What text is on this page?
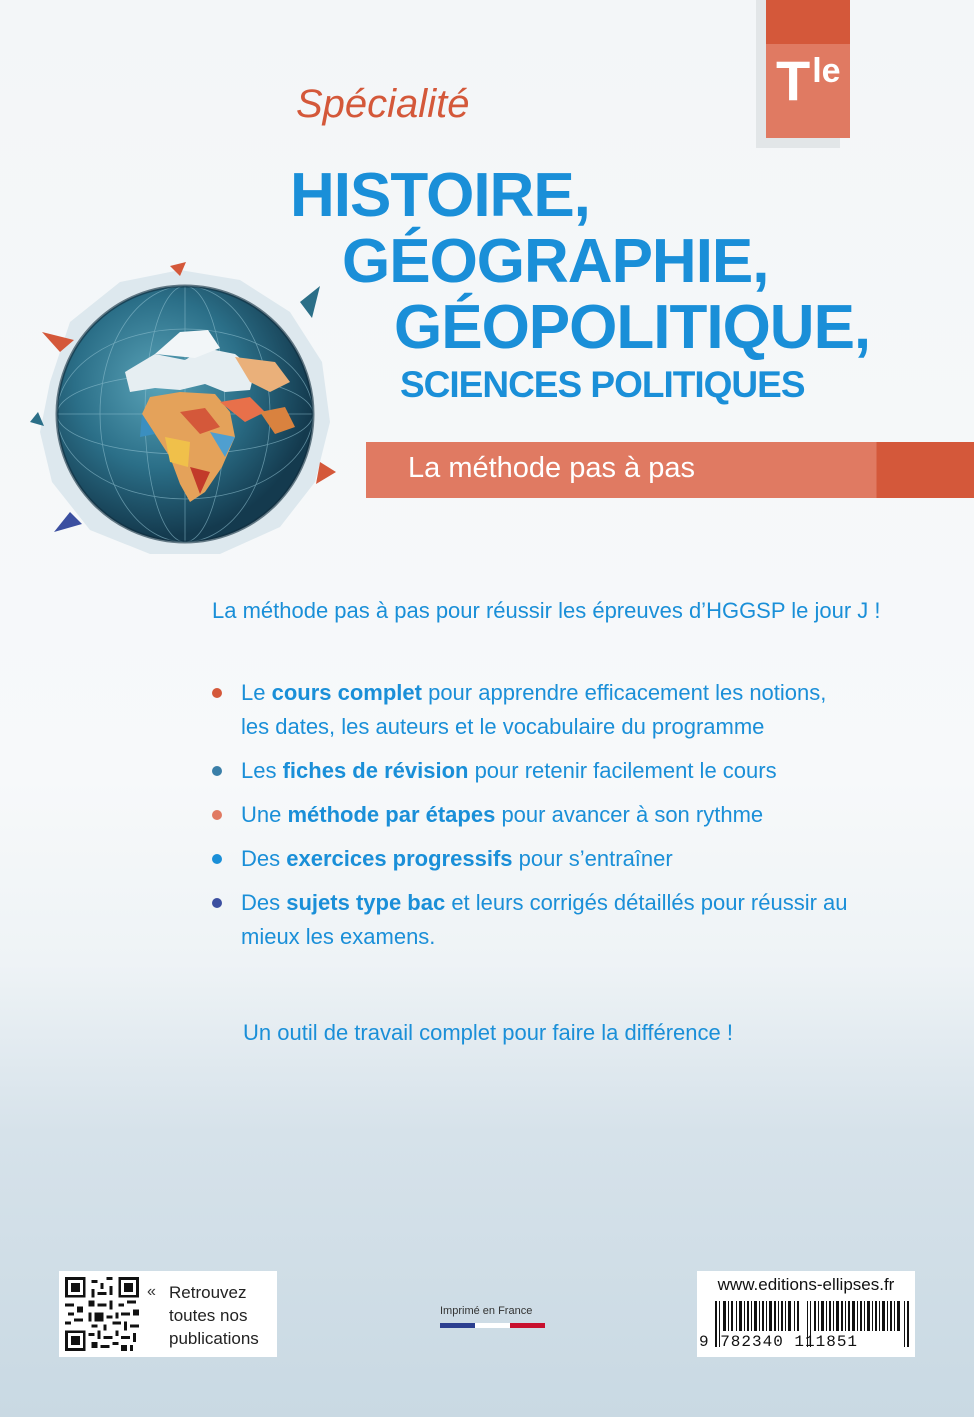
Tle
Spécialité
HISTOIRE,
GÉOGRAPHIE,
GÉOPOLITIQUE,
SCIENCES POLITIQUES
La méthode pas à pas
La méthode pas à pas pour réussir les épreuves d’HGGSP le jour J !
Le cours complet pour apprendre efficacement les notions, les dates, les auteurs et le vocabulaire du programme
Les fiches de révision pour retenir facilement le cours
Une méthode par étapes pour avancer à son rythme
Des exercices progressifs pour s’entraîner
Des sujets type bac et leurs corrigés détaillés pour réussir au mieux les examens.
Un outil de travail complet pour faire la différence !
« Retrouvez
toutes nos
publications
Imprimé en France
www.editions-ellipses.fr
9 782340 111851
